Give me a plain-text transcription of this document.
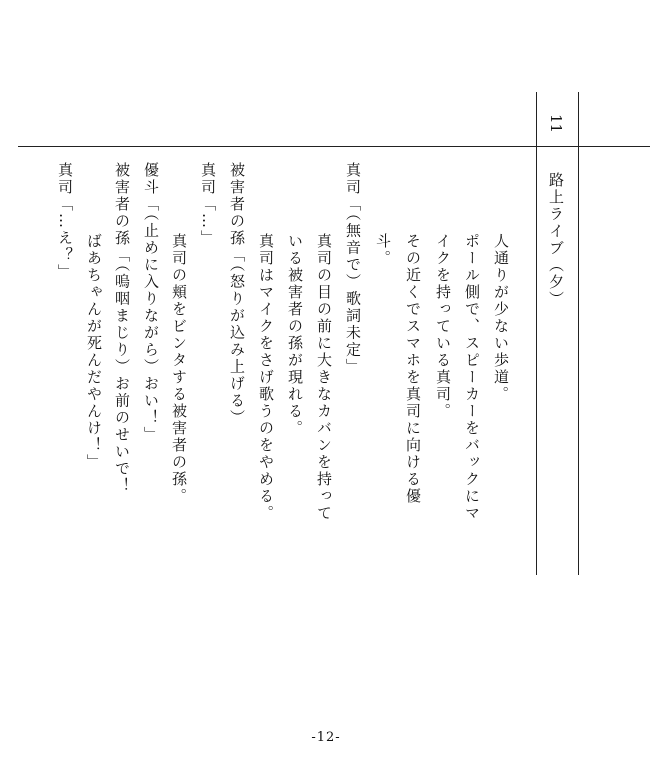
11
路上ライブ（夕）
人通りが少ない歩道。
ポール側で、スピーカーをバックにマ
イクを持っている真司。
その近くでスマホを真司に向ける優
斗。
真司「（無音で）歌詞未定」
真司の目の前に大きなカバンを持って
いる被害者の孫が現れる。
真司はマイクをさげ歌うのをやめる。
被害者の孫「（怒りが込み上げる）
真司「…」
真司の頬をビンタする被害者の孫。
優斗「（止めに入りながら）おい！」
被害者の孫「（嗚咽まじり）お前のせいで！
ばあちゃんが死んだやんけ！」
真司「…え？」
-12-
